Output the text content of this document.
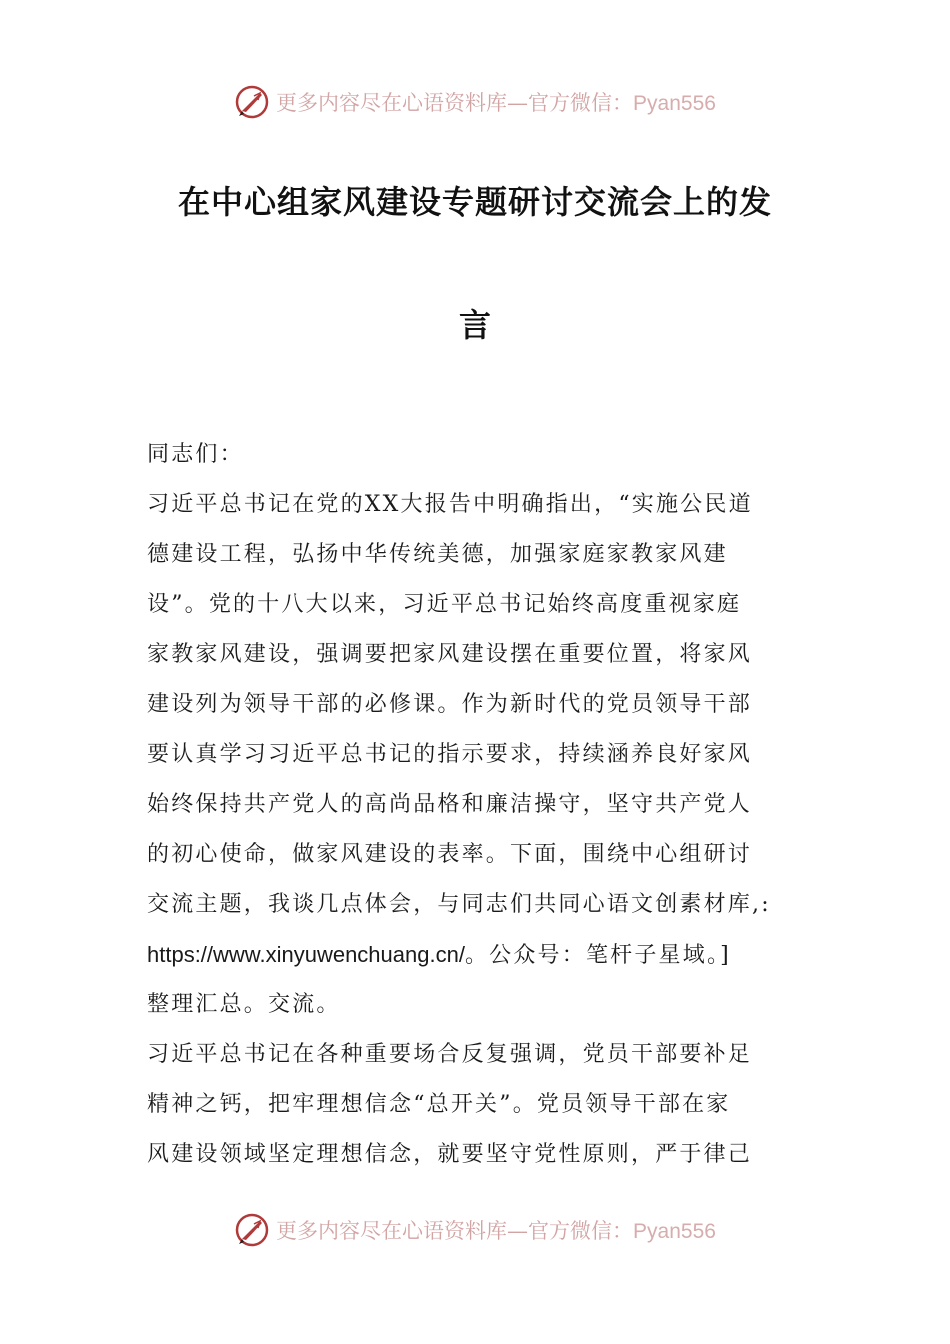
更多内容尽在心语资料库—官方微信：Pyan556
在中心组家风建设专题研讨交流会上的发
言
同志们：
习近平总书记在党的XX大报告中明确指出，“实施公民道
德建设工程，弘扬中华传统美德，加强家庭家教家风建
设”。党的十八大以来，习近平总书记始终高度重视家庭
家教家风建设，强调要把家风建设摆在重要位置，将家风
建设列为领导干部的必修课。作为新时代的党员领导干部
要认真学习习近平总书记的指示要求，持续涵养良好家风
始终保持共产党人的高尚品格和廉洁操守，坚守共产党人
的初心使命，做家风建设的表率。下面，围绕中心组研讨
交流主题，我谈几点体会，与同志们共同心语文创素材库,:
https://www.xinyuwenchuang.cn/。公众号：笔杆子星域。]
整理汇总。交流。
习近平总书记在各种重要场合反复强调，党员干部要补足
精神之钙，把牢理想信念“总开关”。党员领导干部在家
风建设领域坚定理想信念，就要坚守党性原则，严于律己
更多内容尽在心语资料库—官方微信：Pyan556
